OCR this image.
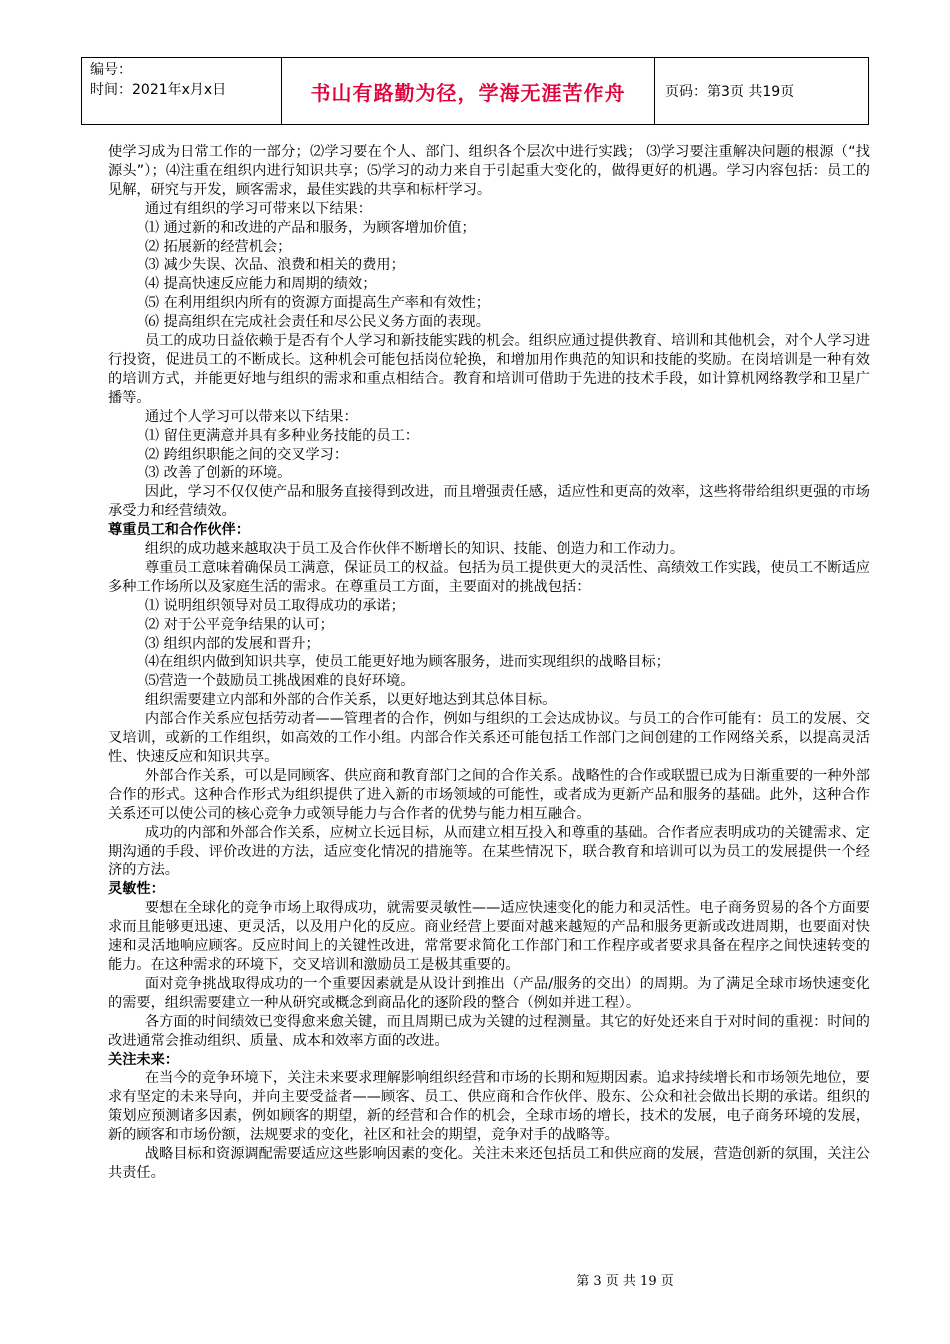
编号：
时间：2021年x月x日	书山有路勤为径，学海无涯苦作舟	页码：第3页 共19页

使学习成为日常工作的一部分；⑵学习要在个人、部门、组织各个层次中进行实践； ⑶学习要注重解决问题的根源（“找源头”）；⑷注重在组织内进行知识共享；⑸学习的动力来自于引起重大变化的，做得更好的机遇。学习内容包括：员工的见解，研究与开发，顾客需求，最佳实践的共享和标杆学习。

通过有组织的学习可带来以下结果：

⑴ 通过新的和改进的产品和服务，为顾客增加价值；

⑵ 拓展新的经营机会；

⑶ 减少失误、次品、浪费和相关的费用；

⑷ 提高快速反应能力和周期的绩效；

⑸ 在利用组织内所有的资源方面提高生产率和有效性；

⑹ 提高组织在完成社会责任和尽公民义务方面的表现。

员工的成功日益依赖于是否有个人学习和新技能实践的机会。组织应通过提供教育、培训和其他机会，对个人学习进行投资，促进员工的不断成长。这种机会可能包括岗位轮换，和增加用作典范的知识和技能的奖励。在岗培训是一种有效的培训方式，并能更好地与组织的需求和重点相结合。教育和培训可借助于先进的技术手段，如计算机网络教学和卫星广播等。

通过个人学习可以带来以下结果：

⑴ 留住更满意并具有多种业务技能的员工：

⑵ 跨组织职能之间的交叉学习：

⑶ 改善了创新的环境。

因此，学习不仅仅使产品和服务直接得到改进，而且增强责任感，适应性和更高的效率，这些将带给组织更强的市场承受力和经营绩效。

尊重员工和合作伙伴：

组织的成功越来越取决于员工及合作伙伴不断增长的知识、技能、创造力和工作动力。

尊重员工意味着确保员工满意，保证员工的权益。包括为员工提供更大的灵活性、高绩效工作实践，使员工不断适应多种工作场所以及家庭生活的需求。在尊重员工方面，主要面对的挑战包括：

⑴ 说明组织领导对员工取得成功的承诺；

⑵ 对于公平竞争结果的认可；

⑶ 组织内部的发展和晋升；

⑷在组织内做到知识共享，使员工能更好地为顾客服务，进而实现组织的战略目标；

⑸营造一个鼓励员工挑战困难的良好环境。

组织需要建立内部和外部的合作关系，以更好地达到其总体目标。

内部合作关系应包括劳动者——管理者的合作，例如与组织的工会达成协议。与员工的合作可能有：员工的发展、交叉培训，或新的工作组织，如高效的工作小组。内部合作关系还可能包括工作部门之间创建的工作网络关系，以提高灵活性、快速反应和知识共享。

外部合作关系，可以是同顾客、供应商和教育部门之间的合作关系。战略性的合作或联盟已成为日渐重要的一种外部合作的形式。这种合作形式为组织提供了进入新的市场领域的可能性，或者成为更新产品和服务的基础。此外，这种合作关系还可以使公司的核心竞争力或领导能力与合作者的优势与能力相互融合。

成功的内部和外部合作关系，应树立长远目标，从而建立相互投入和尊重的基础。合作者应表明成功的关键需求、定期沟通的手段、评价改进的方法，适应变化情况的措施等。在某些情况下，联合教育和培训可以为员工的发展提供一个经济的方法。

灵敏性：

要想在全球化的竞争市场上取得成功，就需要灵敏性——适应快速变化的能力和灵活性。电子商务贸易的各个方面要求而且能够更迅速、更灵活，以及用户化的反应。商业经营上要面对越来越短的产品和服务更新或改进周期，也要面对快速和灵活地响应顾客。反应时间上的关键性改进，常常要求简化工作部门和工作程序或者要求具备在程序之间快速转变的能力。在这种需求的环境下，交叉培训和激励员工是极其重要的。

面对竞争挑战取得成功的一个重要因素就是从设计到推出（产品/服务的交出）的周期。为了满足全球市场快速变化的需要，组织需要建立一种从研究或概念到商品化的逐阶段的整合（例如并进工程）。

各方面的时间绩效已变得愈来愈关键，而且周期已成为关键的过程测量。其它的好处还来自于对时间的重视：时间的改进通常会推动组织、质量、成本和效率方面的改进。

关注未来：

在当今的竞争环境下，关注未来要求理解影响组织经营和市场的长期和短期因素。追求持续增长和市场领先地位，要求有坚定的未来导向，并向主要受益者——顾客、员工、供应商和合作伙伴、股东、公众和社会做出长期的承诺。组织的策划应预测诸多因素，例如顾客的期望，新的经营和合作的机会，全球市场的增长，技术的发展，电子商务环境的发展，新的顾客和市场份额，法规要求的变化，社区和社会的期望，竞争对手的战略等。

战略目标和资源调配需要适应这些影响因素的变化。关注未来还包括员工和供应商的发展，营造创新的氛围，关注公共责任。

第 3 页 共 19 页
